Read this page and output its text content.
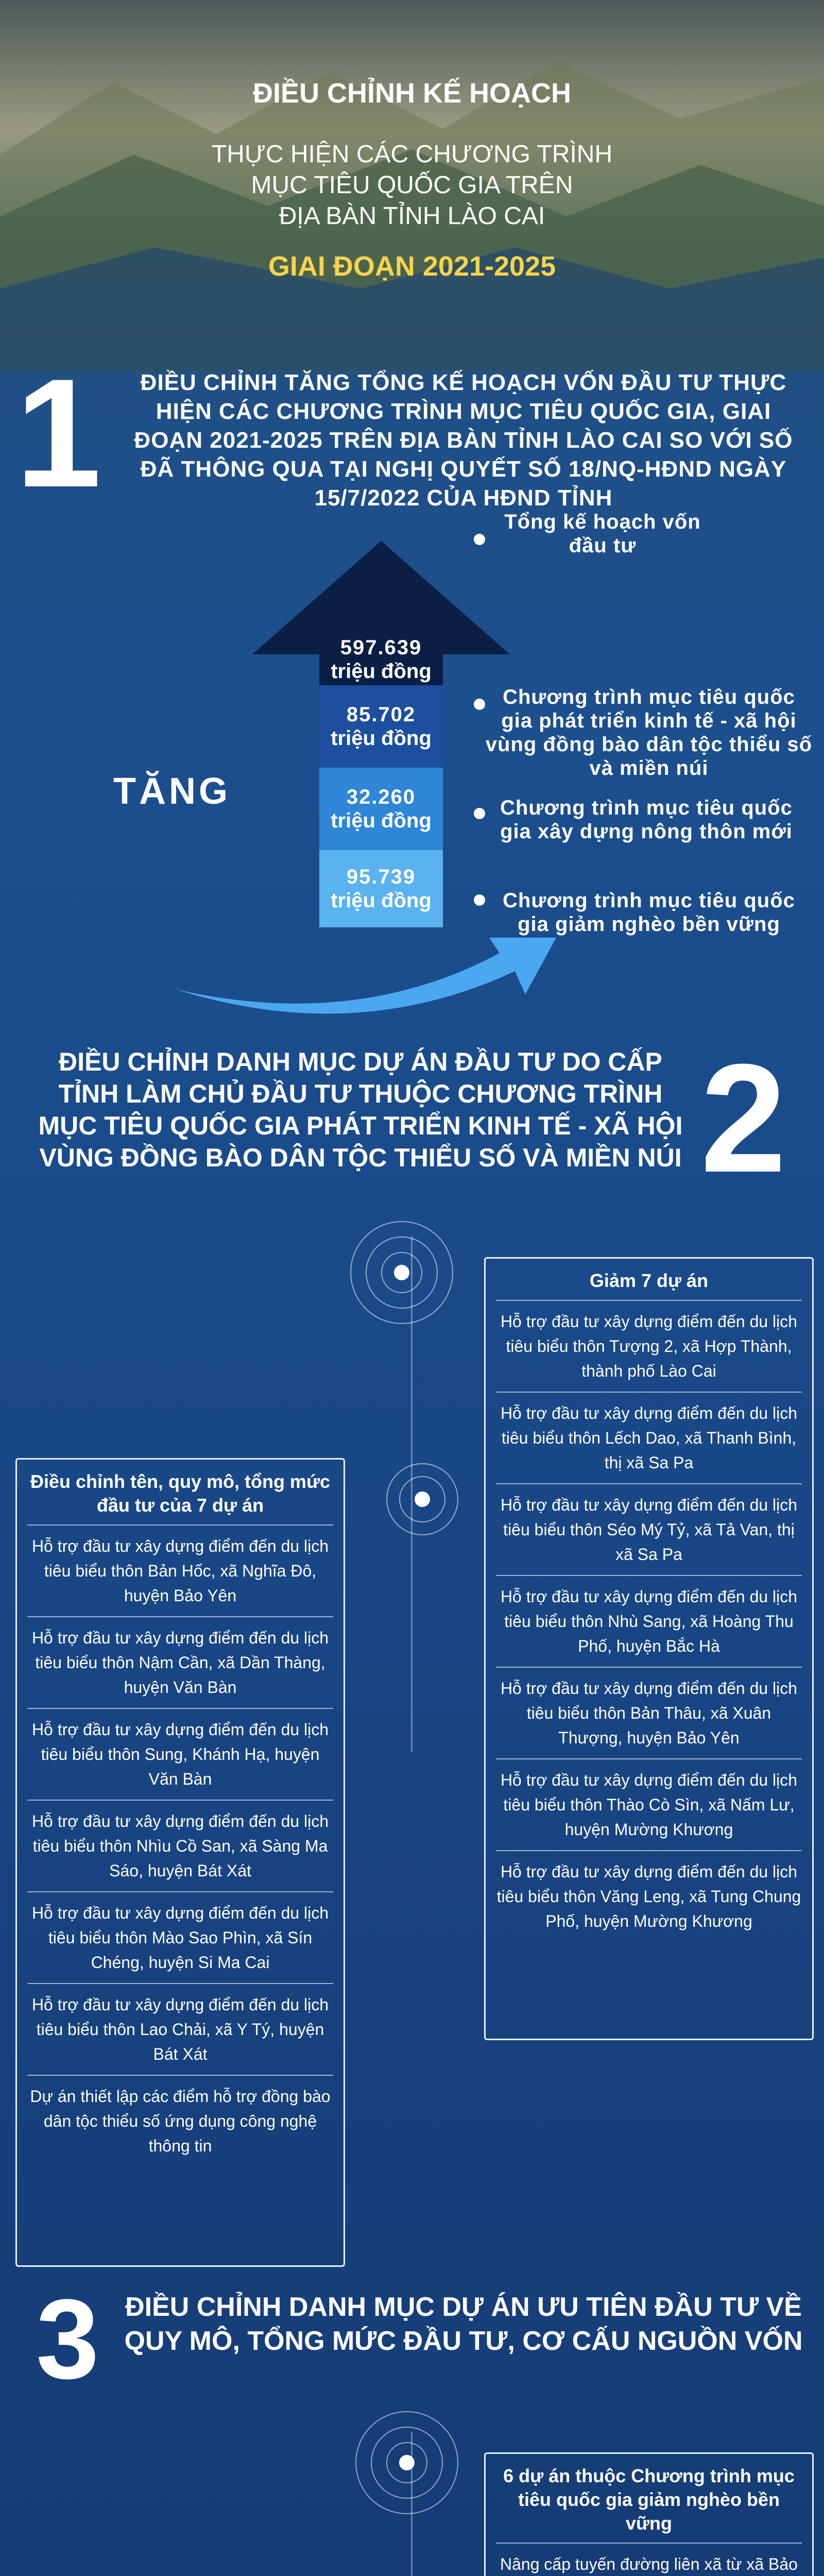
ĐIỀU CHỈNH KẾ HOẠCH
THỰC HIỆN CÁC CHƯƠNG TRÌNH
MỤC TIÊU QUỐC GIA TRÊN
ĐỊA BÀN TỈNH LÀO CAI
GIAI ĐOẠN 2021-2025
1	ĐIỀU CHỈNH TĂNG TỔNG KẾ HOẠCH VỐN ĐẦU TƯ THỰC HIỆN CÁC CHƯƠNG TRÌNH MỤC TIÊU QUỐC GIA, GIAI ĐOẠN 2021-2025 TRÊN ĐỊA BÀN TỈNH LÀO CAI SO VỚI SỐ ĐÃ THÔNG QUA TẠI NGHỊ QUYẾT SỐ 18/NQ-HĐND NGÀY 15/7/2022 CỦA HĐND TỈNH
597.639
triệu đồng
85.702
triệu đồng
32.260
triệu đồng
95.739
triệu đồng
Tổng kế hoạch vốn đầu tư
Chương trình mục tiêu quốc gia phát triển kinh tế - xã hội vùng đồng bào dân tộc thiểu số và miền núi
Chương trình mục tiêu quốc gia xây dựng nông thôn mới
Chương trình mục tiêu quốc gia giảm nghèo bền vững
TĂNG
ĐIỀU CHỈNH DANH MỤC DỰ ÁN ĐẦU TƯ DO CẤP TỈNH LÀM CHỦ ĐẦU TƯ THUỘC CHƯƠNG TRÌNH MỤC TIÊU QUỐC GIA PHÁT TRIỂN KINH TẾ - XÃ HỘI VÙNG ĐỒNG BÀO DÂN TỘC THIỂU SỐ VÀ MIỀN NÚI 2
Giảm 7 dự án
Hỗ trợ đầu tư xây dựng điểm đến du lịch tiêu biểu thôn Tượng 2, xã Hợp Thành, thành phố Lào Cai
Hỗ trợ đầu tư xây dựng điểm đến du lịch tiêu biểu thôn Lếch Dao, xã Thanh Bình, thị xã Sa Pa
Hỗ trợ đầu tư xây dựng điểm đến du lịch tiêu biểu thôn Séo Mý Tỷ, xã Tả Van, thị xã Sa Pa
Hỗ trợ đầu tư xây dựng điểm đến du lịch tiêu biểu thôn Nhù Sang, xã Hoàng Thu Phố, huyện Bắc Hà
Hỗ trợ đầu tư xây dựng điểm đến du lịch tiêu biểu thôn Bản Thâu, xã Xuân Thượng, huyện Bảo Yên
Hỗ trợ đầu tư xây dựng điểm đến du lịch tiêu biểu thôn Thào Cò Sìn, xã Nấm Lư, huyện Mường Khương
Hỗ trợ đầu tư xây dựng điểm đến du lịch tiêu biểu thôn Văng Leng, xã Tung Chung Phố, huyện Mường Khương
Điều chỉnh tên, quy mô, tổng mức đầu tư của 7 dự án
Hỗ trợ đầu tư xây dựng điểm đến du lịch tiêu biểu thôn Bản Hốc, xã Nghĩa Đô, huyện Bảo Yên
Hỗ trợ đầu tư xây dựng điểm đến du lịch tiêu biểu thôn Nậm Cần, xã Dần Thàng, huyện Văn Bàn
Hỗ trợ đầu tư xây dựng điểm đến du lịch tiêu biểu thôn Sung, Khánh Hạ, huyện Văn Bàn
Hỗ trợ đầu tư xây dựng điểm đến du lịch tiêu biểu thôn Nhìu Cồ San, xã Sàng Ma Sáo, huyện Bát Xát
Hỗ trợ đầu tư xây dựng điểm đến du lịch tiêu biểu thôn Mào Sao Phìn, xã Sín Chéng, huyện Si Ma Cai
Hỗ trợ đầu tư xây dựng điểm đến du lịch tiêu biểu thôn Lao Chải, xã Y Tý, huyện Bát Xát
Dự án thiết lập các điểm hỗ trợ đồng bào dân tộc thiểu số ứng dụng công nghệ thông tin
3 ĐIỀU CHỈNH DANH MỤC DỰ ÁN ƯU TIÊN ĐẦU TƯ VỀ QUY MÔ, TỔNG MỨC ĐẦU TƯ, CƠ CẤU NGUỒN VỐN
6 dự án thuộc Chương trình mục tiêu quốc gia giảm nghèo bền vững
Nâng cấp tuyến đường liên xã từ xã Bảo
